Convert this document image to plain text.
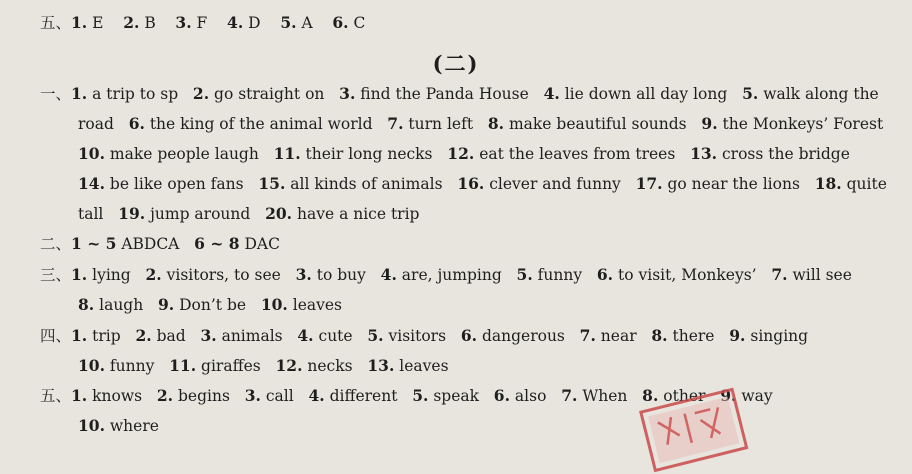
五、1. E 2. B 3. F 4. D 5. A 6. C
(二)
一、1. a trip to sp 2. go straight on 3. find the Panda House 4. lie down all day long 5. walk along the
road 6. the king of the animal world 7. turn left 8. make beautiful sounds 9. the Monkeys’ Forest
10. make people laugh 11. their long necks 12. eat the leaves from trees 13. cross the bridge
14. be like open fans 15. all kinds of animals 16. clever and funny 17. go near the lions 18. quite
tall 19. jump around 20. have a nice trip
二、1 ~ 5 ABDCA 6 ~ 8 DAC
三、1. lying 2. visitors, to see 3. to buy 4. are, jumping 5. funny 6. to visit, Monkeys’ 7. will see
8. laugh 9. Don’t be 10. leaves
四、1. trip 2. bad 3. animals 4. cute 5. visitors 6. dangerous 7. near 8. there 9. singing
10. funny 11. giraffes 12. necks 13. leaves
五、1. knows 2. begins 3. call 4. different 5. speak 6. also 7. When 8. other 9. way
10. where
